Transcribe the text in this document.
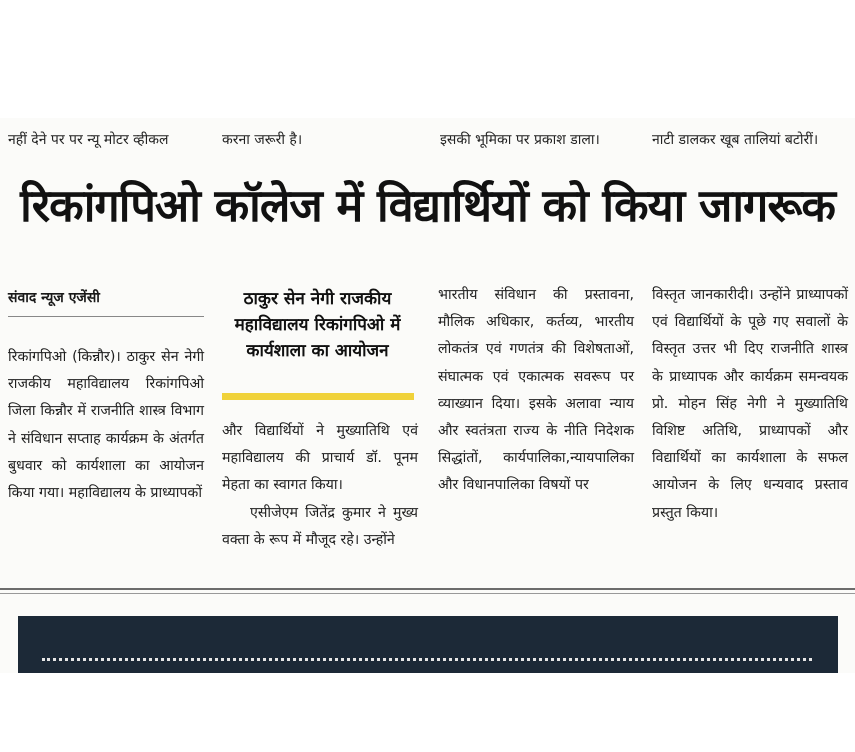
नहीं देने पर पर न्यू मोटर व्हीकल	करना जरूरी है।	इसकी भूमिका पर प्रकाश डाला।	नाटी डालकर खूब तालियां बटोरीं।
रिकांगपिओ कॉलेज में विद्यार्थियों को किया जागरूक
संवाद न्यूज एजेंसी

रिकांगपिओ (किन्नौर)। ठाकुर सेन नेगी राजकीय महाविद्यालय रिकांगपिओ जिला किन्नौर में राजनीति शास्त्र विभाग ने संविधान सप्ताह कार्यक्रम के अंतर्गत बुधवार को कार्यशाला का आयोजन किया गया। महाविद्यालय के प्राध्यापकों

ठाकुर सेन नेगी राजकीय
महाविद्यालय रिकांगपिओ में
कार्यशाला का आयोजन

और विद्यार्थियों ने मुख्यातिथि एवं महाविद्यालय की प्राचार्य डॉ. पूनम मेहता का स्वागत किया।

एसीजेएम जितेंद्र कुमार ने मुख्य वक्ता के रूप में मौजूद रहे। उन्होंने

भारतीय संविधान की प्रस्तावना, मौलिक अधिकार, कर्तव्य, भारतीय लोकतंत्र एवं गणतंत्र की विशेषताओं, संघात्मक एवं एकात्मक सवरूप पर व्याख्यान दिया। इसके अलावा न्याय और स्वतंत्रता राज्य के नीति निदेशक सिद्धांतों, कार्यपालिका,न्यायपालिका और विधानपालिका विषयों पर

विस्तृत जानकारीदी। उन्होंने प्राध्यापकों एवं विद्यार्थियों के पूछे गए सवालों के विस्तृत उत्तर भी दिए राजनीति शास्त्र के प्राध्यापक और कार्यक्रम समन्वयक प्रो. मोहन सिंह नेगी ने मुख्यातिथि विशिष्ट अतिथि, प्राध्यापकों और विद्यार्थियों का कार्यशाला के सफल आयोजन के लिए धन्यवाद प्रस्ताव प्रस्तुत किया।
